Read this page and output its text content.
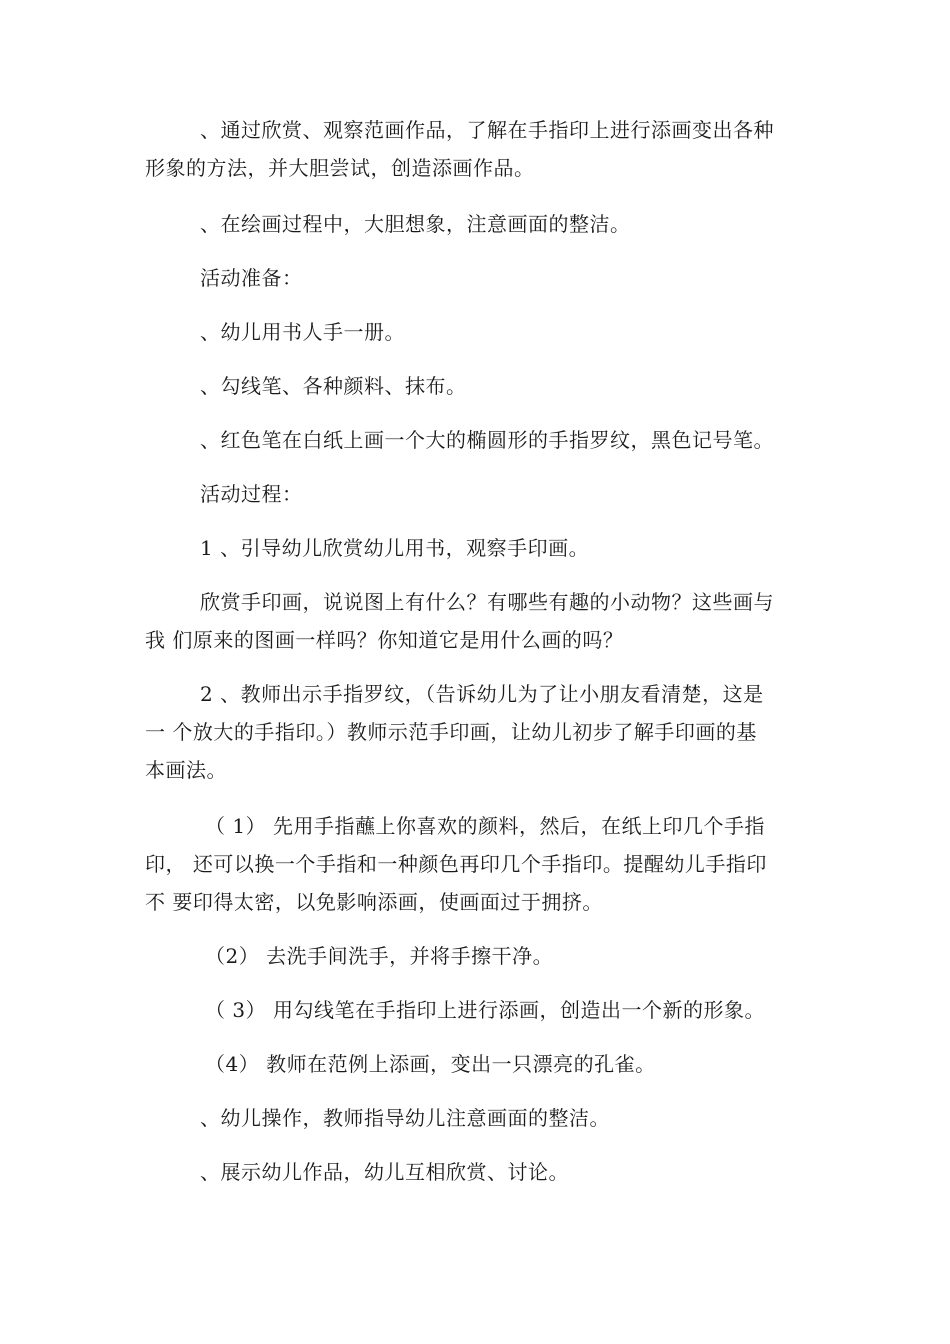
、通过欣赏、观察范画作品，了解在手指印上进行添画变出各种
形象的方法，并大胆尝试，创造添画作品。
、在绘画过程中，大胆想象，注意画面的整洁。
活动准备：
、幼儿用书人手一册。
、勾线笔、各种颜料、抹布。
、红色笔在白纸上画一个大的椭圆形的手指罗纹，黑色记号笔。
活动过程：
1 、引导幼儿欣赏幼儿用书，观察手印画。
欣赏手印画，说说图上有什么？有哪些有趣的小动物？这些画与
我 们原来的图画一样吗？你知道它是用什么画的吗？
2 、教师出示手指罗纹，（告诉幼儿为了让小朋友看清楚，这是
一 个放大的手指印。）教师示范手印画，让幼儿初步了解手印画的基
本画法。
（ 1） 先用手指蘸上你喜欢的颜料，然后，在纸上印几个手指
印， 还可以换一个手指和一种颜色再印几个手指印。提醒幼儿手指印
不 要印得太密，以免影响添画，使画面过于拥挤。
（2） 去洗手间洗手，并将手擦干净。
（ 3） 用勾线笔在手指印上进行添画，创造出一个新的形象。
（4） 教师在范例上添画，变出一只漂亮的孔雀。
、幼儿操作，教师指导幼儿注意画面的整洁。
、展示幼儿作品，幼儿互相欣赏、讨论。
